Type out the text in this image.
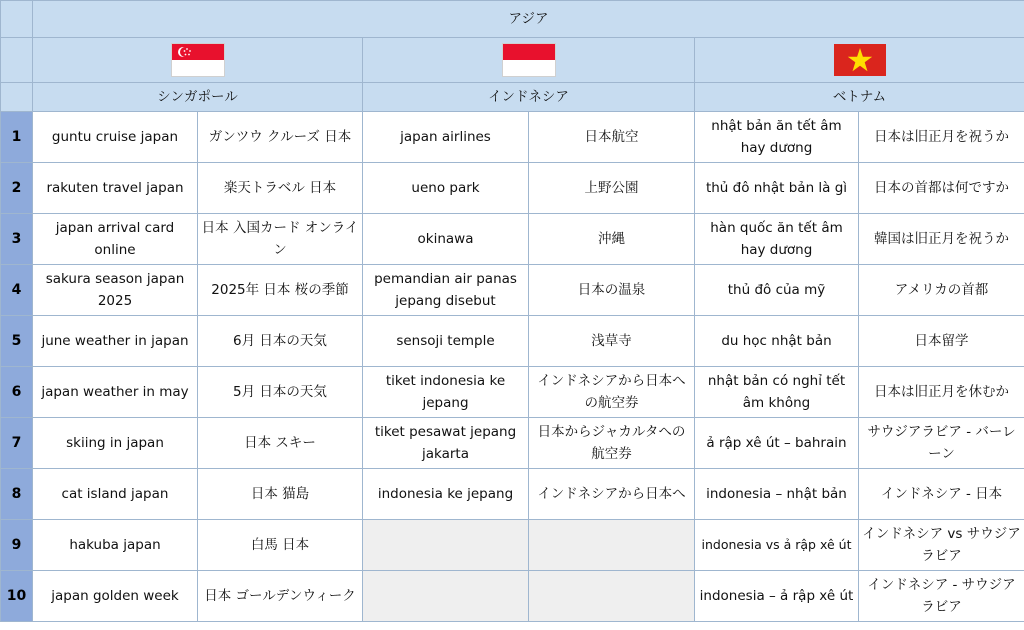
	アジア					

	シンガポール		インドネシア		ベトナム	
1	guntu cruise japan	ガンツウ クルーズ 日本	japan airlines	日本航空	nhật bản ăn tết âm hay dương	日本は旧正月を祝うか
2	rakuten travel japan	楽天トラベル 日本	ueno park	上野公園	thủ đô nhật bản là gì	日本の首都は何ですか
3	japan arrival card online	日本 入国カード オンライン	okinawa	沖縄	hàn quốc ăn tết âm hay dương	韓国は旧正月を祝うか
4	sakura season japan 2025	2025年 日本 桜の季節	pemandian air panas jepang disebut	日本の温泉	thủ đô của mỹ	アメリカの首都
5	june weather in japan	6月 日本の天気	sensoji temple	浅草寺	du học nhật bản	日本留学
6	japan weather in may	5月 日本の天気	tiket indonesia ke jepang	インドネシアから日本への航空券	nhật bản có nghỉ tết âm không	日本は旧正月を休むか
7	skiing in japan	日本 スキー	tiket pesawat jepang jakarta	日本からジャカルタへの航空券	ả rập xê út – bahrain	サウジアラビア - バーレーン
8	cat island japan	日本 猫島	indonesia ke jepang	インドネシアから日本へ	indonesia – nhật bản	インドネシア - 日本
9	hakuba japan	白馬 日本			indonesia vs ả rập xê út	インドネシア vs サウジアラビア
10	japan golden week	日本 ゴールデンウィーク			indonesia – ả rập xê út	インドネシア - サウジアラビア
